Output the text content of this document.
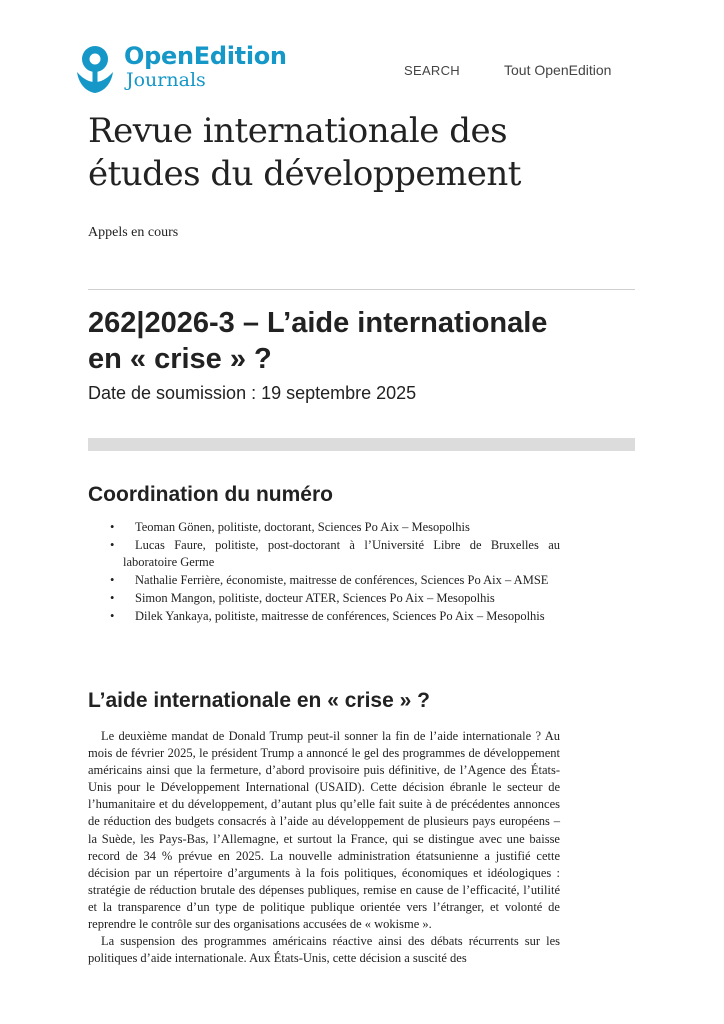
OpenEdition
Journals	SEARCH	Tout OpenEdition
Revue internationale des
études du développement
Appels en cours
262|2026-3 – L’aide internationale
en « crise » ?
Date de soumission : 19 septembre 2025
Coordination du numéro
• Teoman Gönen, politiste, doctorant, Sciences Po Aix – Mesopolhis
• Lucas Faure, politiste, post-doctorant à l’Université Libre de Bruxelles au laboratoire Germe
• Nathalie Ferrière, économiste, maitresse de conférences, Sciences Po Aix – AMSE
• Simon Mangon, politiste, docteur ATER, Sciences Po Aix – Mesopolhis
• Dilek Yankaya, politiste, maitresse de conférences, Sciences Po Aix – Mesopolhis
L’aide internationale en « crise » ?

Le deuxième mandat de Donald Trump peut-il sonner la fin de l’aide internationale ? Au mois de février 2025, le président Trump a annoncé le gel des programmes de développement américains ainsi que la fermeture, d’abord provisoire puis définitive, de l’Agence des États-Unis pour le Développement International (USAID). Cette décision ébranle le secteur de l’humanitaire et du développement, d’autant plus qu’elle fait suite à de précédentes annonces de réduction des budgets consacrés à l’aide au développement de plusieurs pays européens – la Suède, les Pays-Bas, l’Allemagne, et surtout la France, qui se distingue avec une baisse record de 34 % prévue en 2025. La nouvelle administration étatsunienne a justifié cette décision par un répertoire d’arguments à la fois politiques, économiques et idéologiques : stratégie de réduction brutale des dépenses publiques, remise en cause de l’efficacité, l’utilité et la transparence d’un type de politique publique orientée vers l’étranger, et volonté de reprendre le contrôle sur des organisations accusées de « wokisme ».

La suspension des programmes américains réactive ainsi des débats récurrents sur les politiques d’aide internationale. Aux États-Unis, cette décision a suscité des
